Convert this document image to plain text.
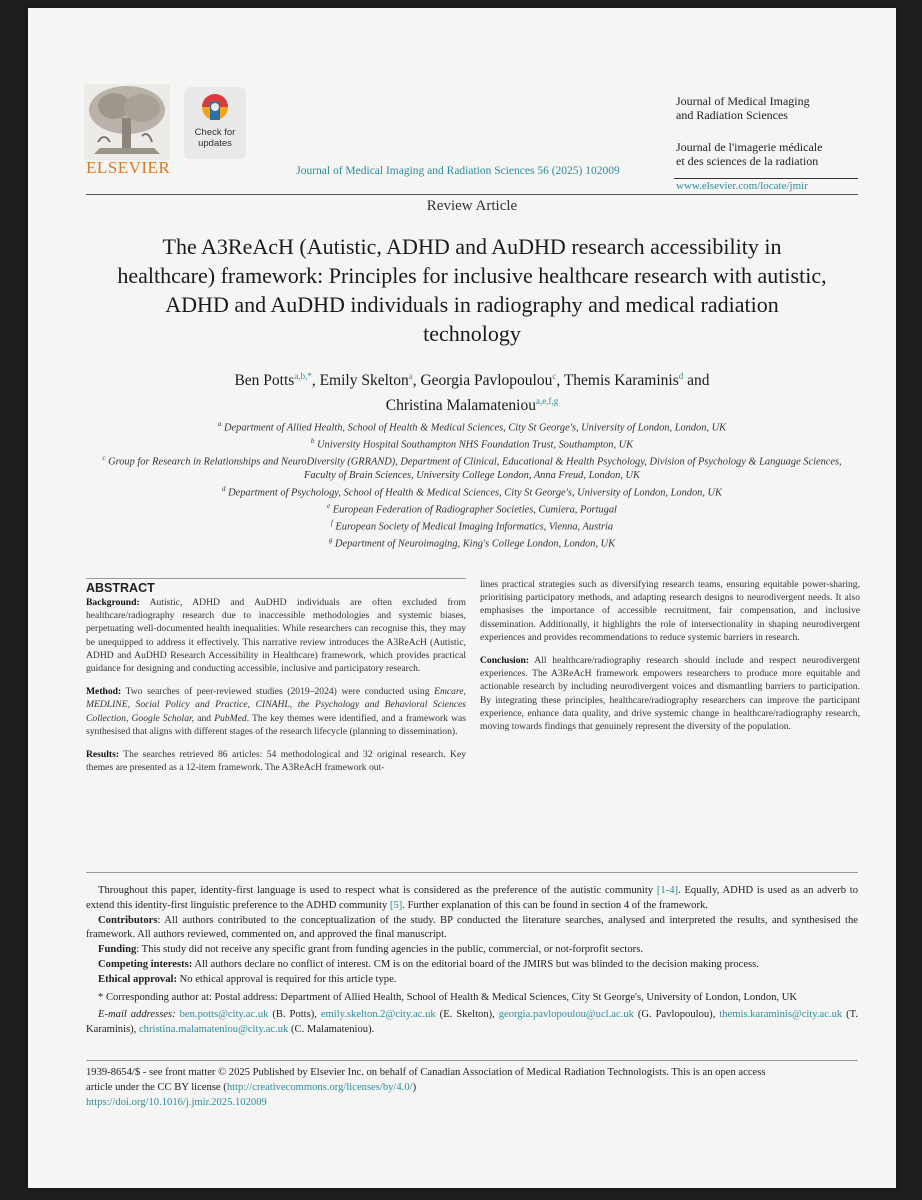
ELSEVIER
Check for
updates
Journal of Medical Imaging and Radiation Sciences 56 (2025) 102009
Journal of Medical Imaging
and Radiation Sciences
Journal de l'imagerie médicale
et des sciences de la radiation
www.elsevier.com/locate/jmir
Review Article
The A3ReAcH (Autistic, ADHD and AuDHD research accessibility in healthcare) framework: Principles for inclusive healthcare research with autistic, ADHD and AuDHD individuals in radiography and medical radiation technology
Ben Potts$^{a,b,*}$, Emily Skelton$^a$, Georgia Pavlopoulou$^c$, Themis Karaminis$^d$ and
Christina Malamateniou$^{a,e,f,g}$
$^a$ Department of Allied Health, School of Health & Medical Sciences, City St George's, University of London, London, UK
$^b$ University Hospital Southampton NHS Foundation Trust, Southampton, UK
$^c$ Group for Research in Relationships and NeuroDiversity (GRRAND), Department of Clinical, Educational & Health Psychology, Division of Psychology & Language Sciences, Faculty of Brain Sciences, University College London, Anna Freud, London, UK
$^d$ Department of Psychology, School of Health & Medical Sciences, City St George's, University of London, London, UK
$^e$ European Federation of Radiographer Societies, Cumiera, Portugal
$^f$ European Society of Medical Imaging Informatics, Vienna, Austria
$^g$ Department of Neuroimaging, King's College London, London, UK
ABSTRACT

Background: Autistic, ADHD and AuDHD individuals are often excluded from healthcare/radiography research due to inaccessible methodologies and systemic biases, perpetuating well-documented health inequalities. While researchers can recognise this, they may be unequipped to address it effectively. This narrative review introduces the A3ReAcH (Autistic, ADHD and AuDHD Research Accessibility in Healthcare) framework, which provides practical guidance for designing and conducting accessible, inclusive and participatory research.

Method: Two searches of peer-reviewed studies (2019–2024) were conducted using Emcare, MEDLINE, Social Policy and Practice, CINAHL, the Psychology and Behavioral Sciences Collection, Google Scholar, and PubMed. The key themes were identified, and a framework was synthesised that aligns with different stages of the research lifecycle (planning to dissemination).

Results: The searches retrieved 86 articles: 54 methodological and 32 original research. Key themes are presented as a 12-item framework. The A3ReAcH framework out-

lines practical strategies such as diversifying research teams, ensuring equitable power-sharing, prioritising participatory methods, and adapting research designs to neurodivergent needs. It also emphasises the importance of accessible recruitment, fair compensation, and inclusive dissemination. Additionally, it highlights the role of intersectionality in shaping neurodivergent experiences and provides recommendations to reduce systemic barriers in research.

Conclusion: All healthcare/radiography research should include and respect neurodivergent experiences. The A3ReAcH framework empowers researchers to produce more equitable and actionable research by including neurodivergent voices and dismantling barriers to participation. By integrating these principles, healthcare/radiography researchers can improve the participant experience, enhance data quality, and drive systemic change in healthcare/radiography research, moving towards findings that genuinely represent the diversity of the population.

Throughout this paper, identity-first language is used to respect what is considered as the preference of the autistic community [1-4]. Equally, ADHD is used as an adverb to extend this identity-first linguistic preference to the ADHD community [5]. Further explanation of this can be found in section 4 of the framework.

Contributors: All authors contributed to the conceptualization of the study. BP conducted the literature searches, analysed and interpreted the results, and synthesised the framework. All authors reviewed, commented on, and approved the final manuscript.

Funding: This study did not receive any specific grant from funding agencies in the public, commercial, or not-forprofit sectors.

Competing interests: All authors declare no conflict of interest. CM is on the editorial board of the JMIRS but was blinded to the decision making process.

Ethical approval: No ethical approval is required for this article type.

* Corresponding author at: Postal address: Department of Allied Health, School of Health & Medical Sciences, City St George's, University of London, London, UK

E-mail addresses: ben.potts@city.ac.uk (B. Potts), emily.skelton.2@city.ac.uk (E. Skelton), georgia.pavlopoulou@ucl.ac.uk (G. Pavlopoulou), themis.karaminis@city.ac.uk (T. Karaminis), christina.malamateniou@city.ac.uk (C. Malamateniou).

1939-8654/$ - see front matter © 2025 Published by Elsevier Inc. on behalf of Canadian Association of Medical Radiation Technologists. This is an open access
article under the CC BY license (http://creativecommons.org/licenses/by/4.0/)
https://doi.org/10.1016/j.jmir.2025.102009
